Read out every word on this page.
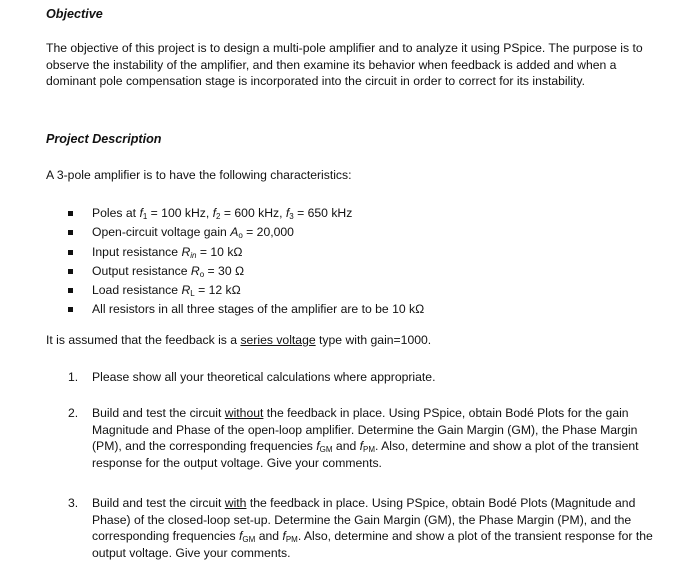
Objective

The objective of this project is to design a multi-pole amplifier and to analyze it using PSpice. The purpose is to observe the instability of the amplifier, and then examine its behavior when feedback is added and when a dominant pole compensation stage is incorporated into the circuit in order to correct for its instability.

Project Description

A 3-pole amplifier is to have the following characteristics:

Poles at $f_1 = 100$ kHz, $f_2 = 600$ kHz, $f_3 = 650$ kHz
Open-circuit voltage gain $A_o = 20,000$
Input resistance $R_{in} = 10$ kΩ
Output resistance $R_o = 30$ Ω
Load resistance $R_L = 12$ kΩ
All resistors in all three stages of the amplifier are to be 10 kΩ

It is assumed that the feedback is a series voltage type with gain=1000.

1.	Please show all your theoretical calculations where appropriate.
2.	Build and test the circuit without the feedback in place. Using PSpice, obtain Bodé Plots for the gain Magnitude and Phase of the open-loop amplifier. Determine the Gain Margin (GM), the Phase Margin (PM), and the corresponding frequencies $f_{GM}$ and $f_{PM}$. Also, determine and show a plot of the transient response for the output voltage. Give your comments.
3.	Build and test the circuit with the feedback in place. Using PSpice, obtain Bodé Plots (Magnitude and Phase) of the closed-loop set-up. Determine the Gain Margin (GM), the Phase Margin (PM), and the corresponding frequencies $f_{GM}$ and $f_{PM}$. Also, determine and show a plot of the transient response for the output voltage. Give your comments.
